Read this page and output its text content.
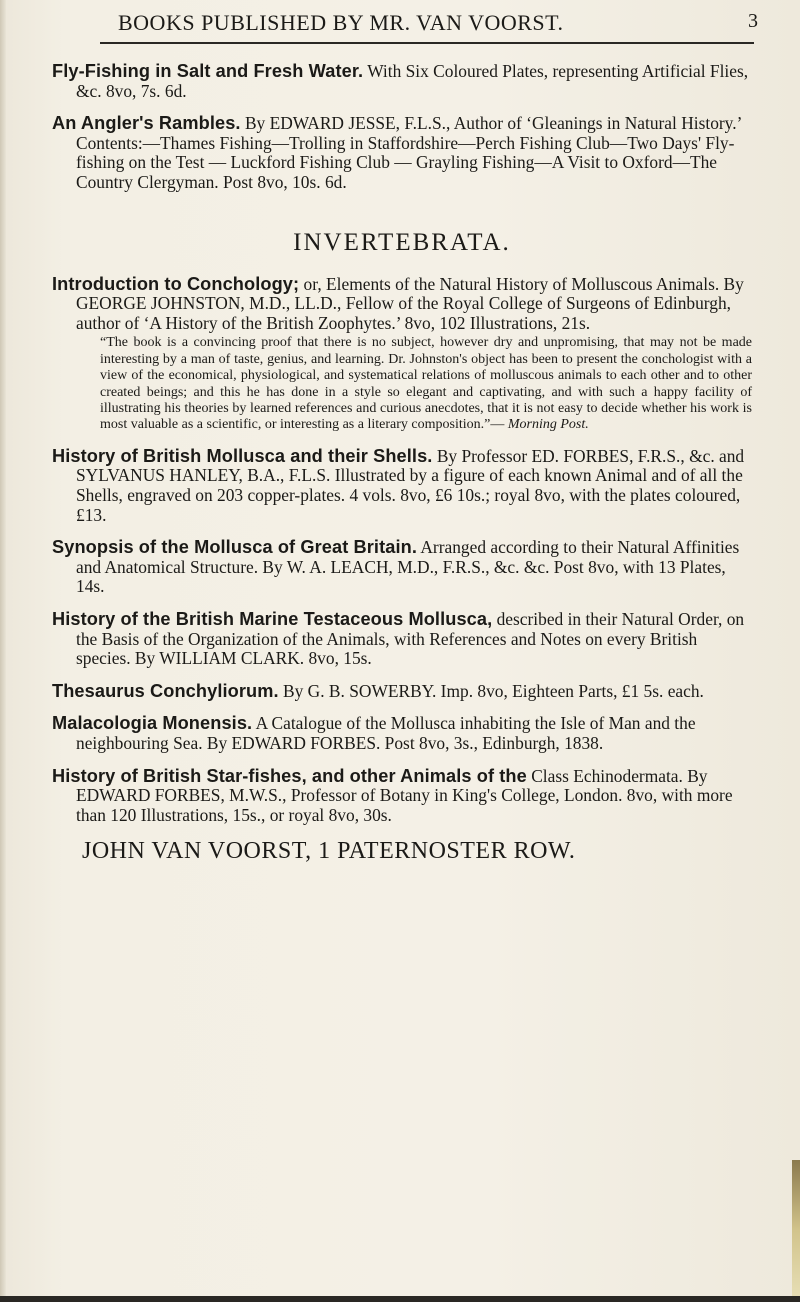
BOOKS PUBLISHED BY MR. VAN VOORST.	3

Fly-Fishing in Salt and Fresh Water. With Six Coloured Plates, representing Artificial Flies, &c. 8vo, 7s. 6d.

An Angler's Rambles. By EDWARD JESSE, F.L.S., Author of ‘Gleanings in Natural History.’ Contents:—Thames Fishing—Trolling in Staffordshire—Perch Fishing Club—Two Days' Fly-fishing on the Test — Luckford Fishing Club — Grayling Fishing—A Visit to Oxford—The Country Clergyman. Post 8vo, 10s. 6d.

INVERTEBRATA.
Introduction to Conchology; or, Elements of the Natural History of Molluscous Animals. By GEORGE JOHNSTON, M.D., LL.D., Fellow of the Royal College of Surgeons of Edinburgh, author of ‘A History of the British Zoophytes.’ 8vo, 102 Illustrations, 21s.
“The book is a convincing proof that there is no subject, however dry and unpromising, that may not be made interesting by a man of taste, genius, and learning. Dr. Johnston's object has been to present the conchologist with a view of the economical, physiological, and systematical relations of molluscous animals to each other and to other created beings; and this he has done in a style so elegant and captivating, and with such a happy facility of illustrating his theories by learned references and curious anecdotes, that it is not easy to decide whether his work is most valuable as a scientific, or interesting as a literary composition.”— Morning Post.

History of British Mollusca and their Shells. By Professor ED. FORBES, F.R.S., &c. and SYLVANUS HANLEY, B.A., F.L.S. Illustrated by a figure of each known Animal and of all the Shells, engraved on 203 copper-plates. 4 vols. 8vo, £6 10s.; royal 8vo, with the plates coloured, £13.

Synopsis of the Mollusca of Great Britain. Arranged according to their Natural Affinities and Anatomical Structure. By W. A. LEACH, M.D., F.R.S., &c. &c. Post 8vo, with 13 Plates, 14s.

History of the British Marine Testaceous Mollusca, described in their Natural Order, on the Basis of the Organization of the Animals, with References and Notes on every British species. By WILLIAM CLARK. 8vo, 15s.

Thesaurus Conchyliorum. By G. B. SOWERBY. Imp. 8vo, Eighteen Parts, £1 5s. each.

Malacologia Monensis. A Catalogue of the Mollusca inhabiting the Isle of Man and the neighbouring Sea. By EDWARD FORBES. Post 8vo, 3s., Edinburgh, 1838.

History of British Star-fishes, and other Animals of the Class Echinodermata. By EDWARD FORBES, M.W.S., Professor of Botany in King's College, London. 8vo, with more than 120 Illustrations, 15s., or royal 8vo, 30s.

JOHN VAN VOORST, 1 PATERNOSTER ROW.
